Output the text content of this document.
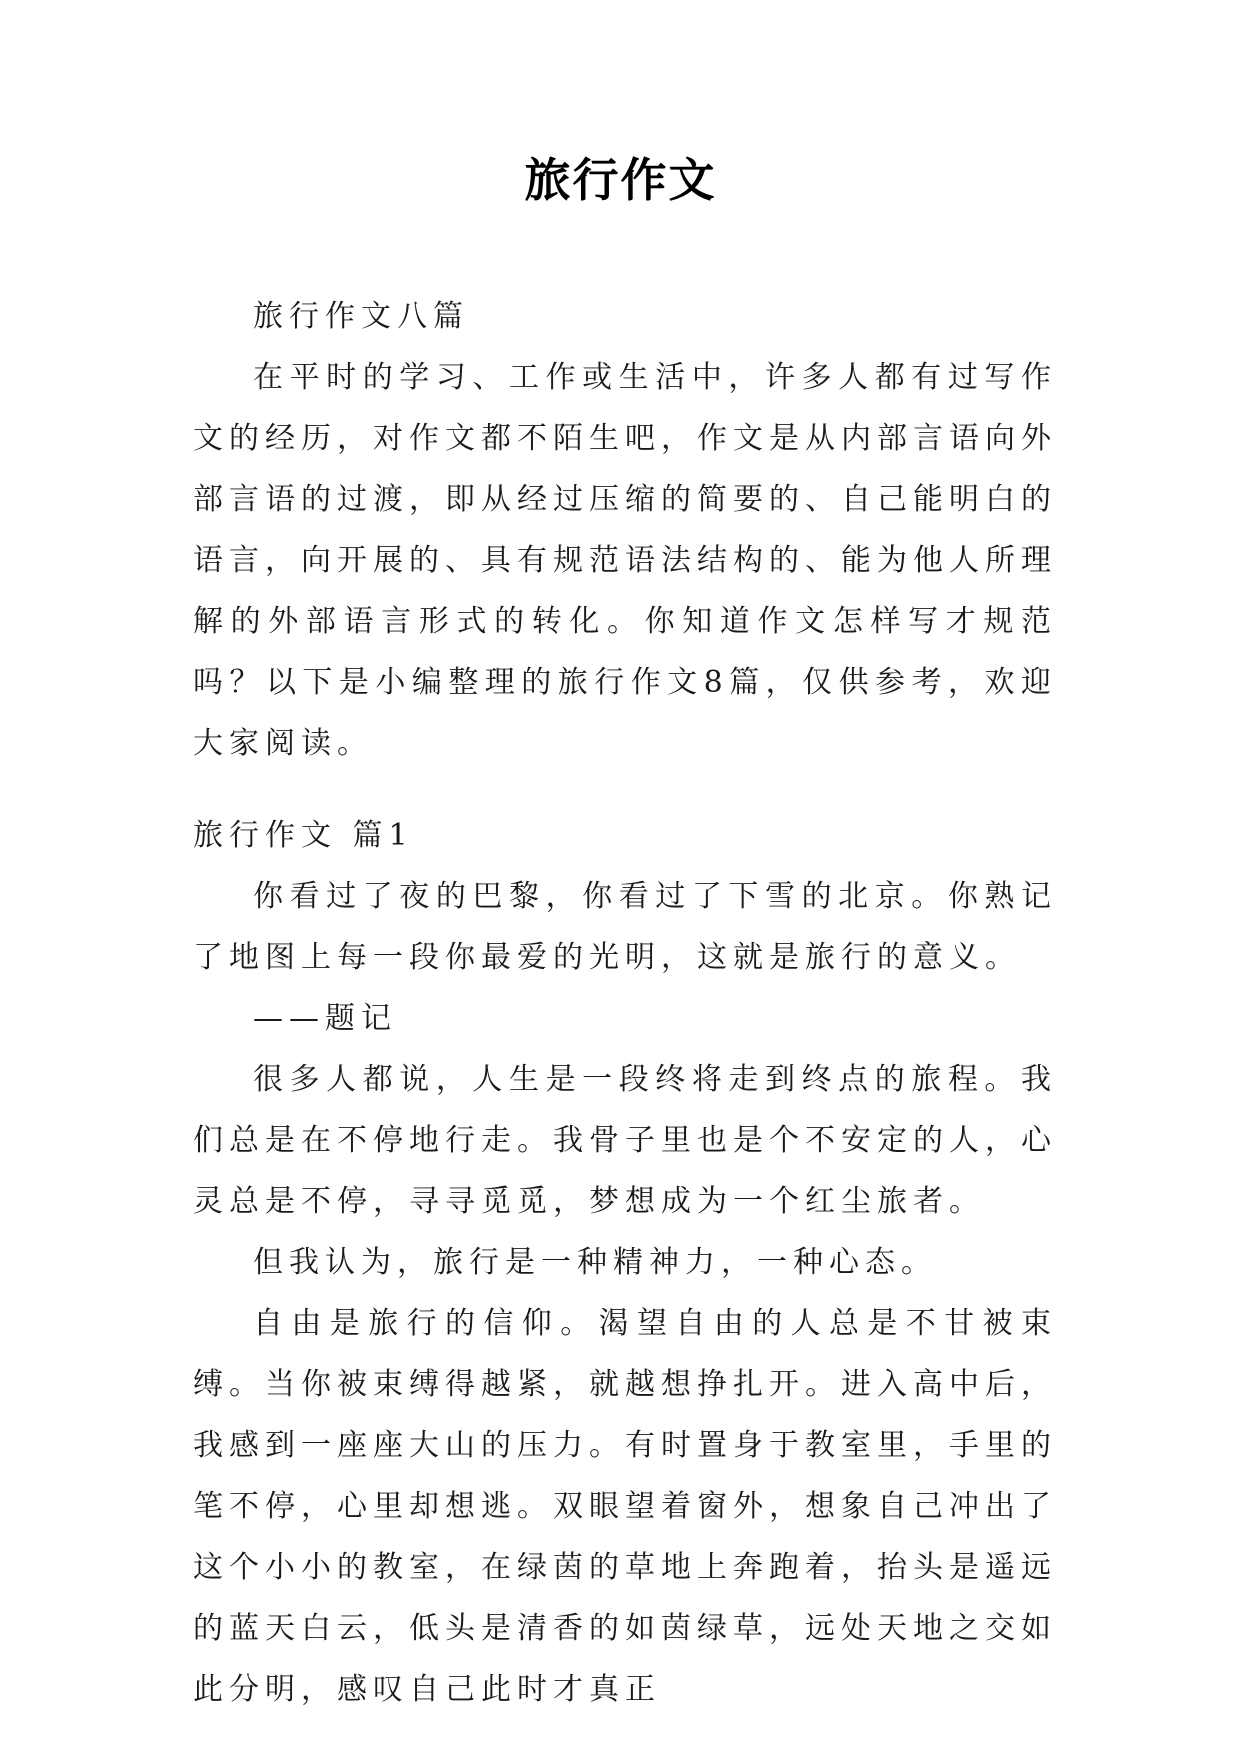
旅行作文

旅行作文八篇

在平时的学习、工作或生活中，许多人都有过写作文的经历，对作文都不陌生吧，作文是从内部言语向外部言语的过渡，即从经过压缩的简要的、自己能明白的语言，向开展的、具有规范语法结构的、能为他人所理解的外部语言形式的转化。你知道作文怎样写才规范吗？以下是小编整理的旅行作文8篇，仅供参考，欢迎大家阅读。

旅行作文 篇1

你看过了夜的巴黎，你看过了下雪的北京。你熟记了地图上每一段你最爱的光明，这就是旅行的意义。

——题记

很多人都说，人生是一段终将走到终点的旅程。我们总是在不停地行走。我骨子里也是个不安定的人，心灵总是不停，寻寻觅觅，梦想成为一个红尘旅者。

但我认为，旅行是一种精神力，一种心态。

自由是旅行的信仰。渴望自由的人总是不甘被束缚。当你被束缚得越紧，就越想挣扎开。进入高中后，我感到一座座大山的压力。有时置身于教室里，手里的笔不停，心里却想逃。双眼望着窗外，想象自己冲出了这个小小的教室，在绿茵的草地上奔跑着，抬头是遥远的蓝天白云，低头是清香的如茵绿草，远处天地之交如此分明，感叹自己此时才真正
